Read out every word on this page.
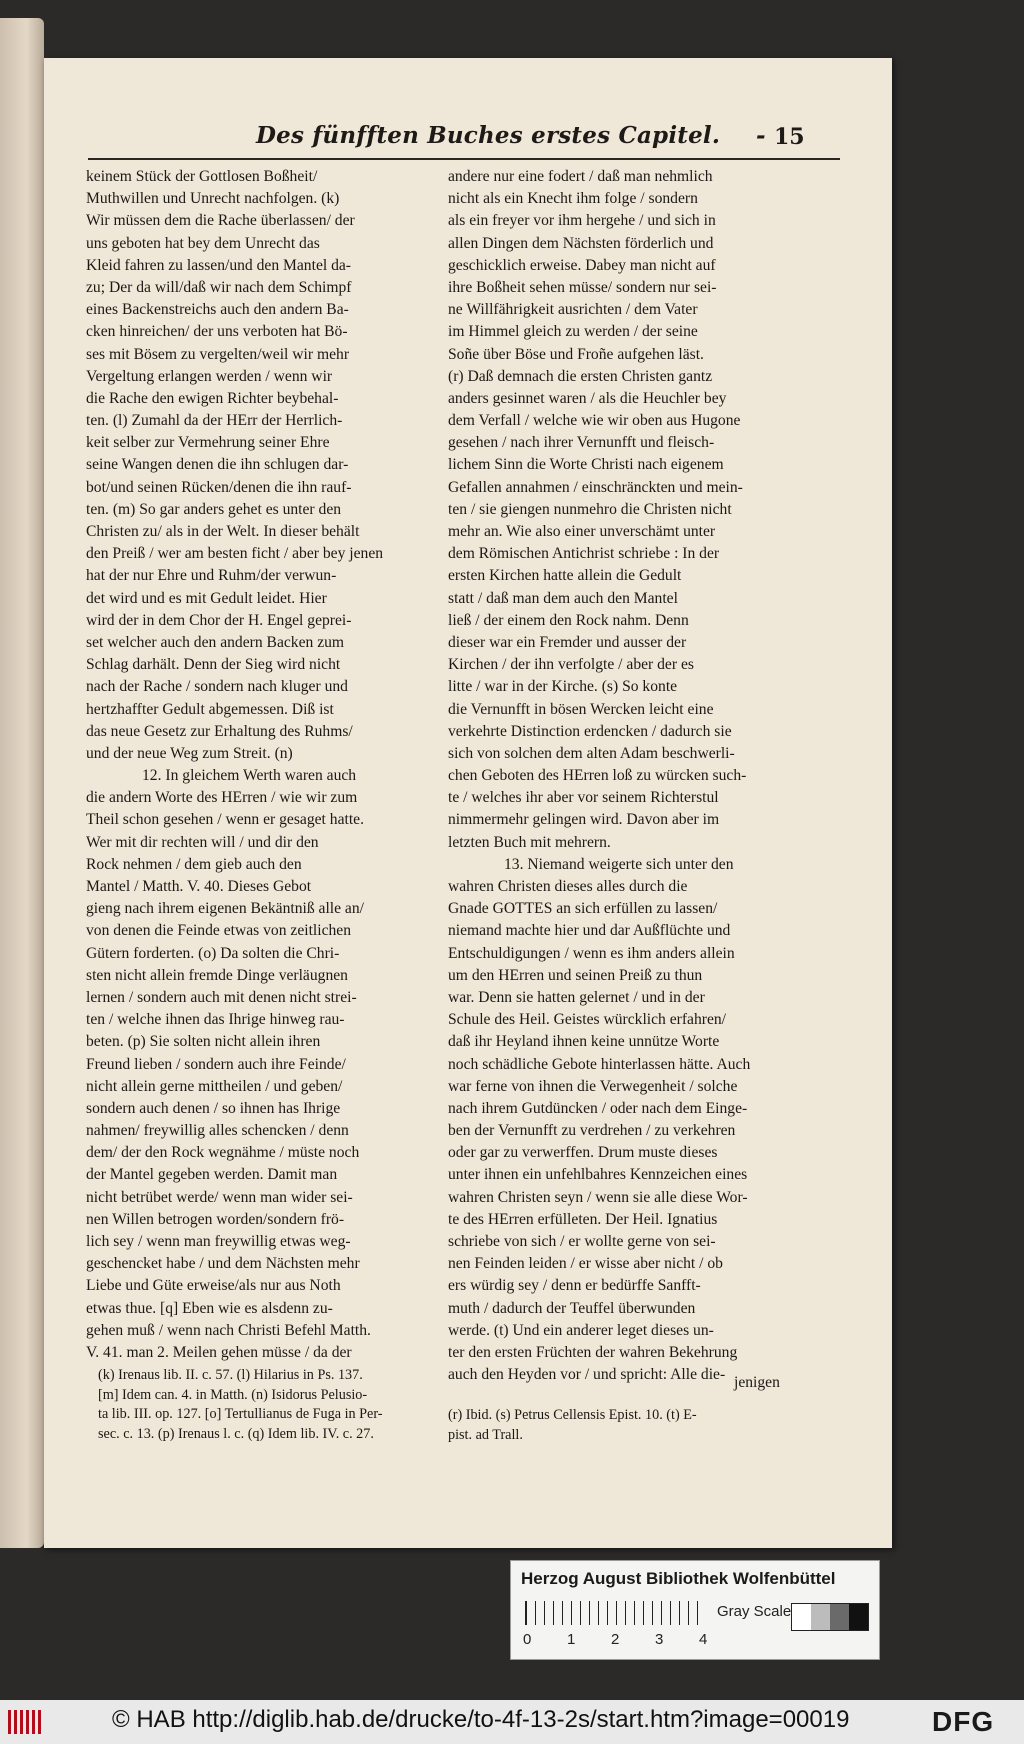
Des fünfften Buches erstes Capitel. - 15
keinem Stück der Gottlosen Boßheit/
Muthwillen und Unrecht nachfolgen. (k)
Wir müssen dem die Rache überlassen/ der
uns geboten hat bey dem Unrecht das
Kleid fahren zu lassen/und den Mantel da-
zu; Der da will/daß wir nach dem Schimpf
eines Backenstreichs auch den andern Ba-
cken hinreichen/ der uns verboten hat Bö-
ses mit Bösem zu vergelten/weil wir mehr
Vergeltung erlangen werden / wenn wir
die Rache den ewigen Richter beybehal-
ten. (l) Zumahl da der HErr der Herrlich-
keit selber zur Vermehrung seiner Ehre
seine Wangen denen die ihn schlugen dar-
bot/und seinen Rücken/denen die ihn rauf-
ten. (m) So gar anders gehet es unter den
Christen zu/ als in der Welt. In dieser behält
den Preiß / wer am besten ficht / aber bey jenen
hat der nur Ehre und Ruhm/der verwun-
det wird und es mit Gedult leidet. Hier
wird der in dem Chor der H. Engel geprei-
set welcher auch den andern Backen zum
Schlag darhält. Denn der Sieg wird nicht
nach der Rache / sondern nach kluger und
hertzhaffter Gedult abgemessen. Diß ist
das neue Gesetz zur Erhaltung des Ruhms/
und der neue Weg zum Streit. (n)
12. In gleichem Werth waren auch
die andern Worte des HErren / wie wir zum
Theil schon gesehen / wenn er gesaget hatte.
Wer mit dir rechten will / und dir den
Rock nehmen / dem gieb auch den
Mantel / Matth. V. 40. Dieses Gebot
gieng nach ihrem eigenen Bekäntniß alle an/
von denen die Feinde etwas von zeitlichen
Gütern forderten. (o) Da solten die Chri-
sten nicht allein fremde Dinge verläugnen
lernen / sondern auch mit denen nicht strei-
ten / welche ihnen das Ihrige hinweg rau-
beten. (p) Sie solten nicht allein ihren
Freund lieben / sondern auch ihre Feinde/
nicht allein gerne mittheilen / und geben/
sondern auch denen / so ihnen has Ihrige
nahmen/ freywillig alles schencken / denn
dem/ der den Rock wegnähme / müste noch
der Mantel gegeben werden. Damit man
nicht betrübet werde/ wenn man wider sei-
nen Willen betrogen worden/sondern frö-
lich sey / wenn man freywillig etwas weg-
geschencket habe / und dem Nächsten mehr
Liebe und Güte erweise/als nur aus Noth
etwas thue. [q] Eben wie es alsdenn zu-
gehen muß / wenn nach Christi Befehl Matth.
V. 41. man 2. Meilen gehen müsse / da der
andere nur eine fodert / daß man nehmlich
nicht als ein Knecht ihm folge / sondern
als ein freyer vor ihm hergehe / und sich in
allen Dingen dem Nächsten förderlich und
geschicklich erweise. Dabey man nicht auf
ihre Boßheit sehen müsse/ sondern nur sei-
ne Willfährigkeit ausrichten / dem Vater
im Himmel gleich zu werden / der seine
Soñe über Böse und Froñe aufgehen läst.
(r) Daß demnach die ersten Christen gantz
anders gesinnet waren / als die Heuchler bey
dem Verfall / welche wie wir oben aus Hugone
gesehen / nach ihrer Vernunfft und fleisch-
lichem Sinn die Worte Christi nach eigenem
Gefallen annahmen / einschränckten und mein-
ten / sie giengen nunmehro die Christen nicht
mehr an. Wie also einer unverschämt unter
dem Römischen Antichrist schriebe : In der
ersten Kirchen hatte allein die Gedult
statt / daß man dem auch den Mantel
ließ / der einem den Rock nahm. Denn
dieser war ein Fremder und ausser der
Kirchen / der ihn verfolgte / aber der es
litte / war in der Kirche. (s) So konte
die Vernunfft in bösen Wercken leicht eine
verkehrte Distinction erdencken / dadurch sie
sich von solchen dem alten Adam beschwerli-
chen Geboten des HErren loß zu würcken such-
te / welches ihr aber vor seinem Richterstul
nimmermehr gelingen wird. Davon aber im
letzten Buch mit mehrern.
13. Niemand weigerte sich unter den
wahren Christen dieses alles durch die
Gnade GOTTES an sich erfüllen zu lassen/
niemand machte hier und dar Außflüchte und
Entschuldigungen / wenn es ihm anders allein
um den HErren und seinen Preiß zu thun
war. Denn sie hatten gelernet / und in der
Schule des Heil. Geistes würcklich erfahren/
daß ihr Heyland ihnen keine unnütze Worte
noch schädliche Gebote hinterlassen hätte. Auch
war ferne von ihnen die Verwegenheit / solche
nach ihrem Gutdüncken / oder nach dem Einge-
ben der Vernunfft zu verdrehen / zu verkehren
oder gar zu verwerffen. Drum muste dieses
unter ihnen ein unfehlbahres Kennzeichen eines
wahren Christen seyn / wenn sie alle diese Wor-
te des HErren erfülleten. Der Heil. Ignatius
schriebe von sich / er wollte gerne von sei-
nen Feinden leiden / er wisse aber nicht / ob
ers würdig sey / denn er bedürffe Sanfft-
muth / dadurch der Teuffel überwunden
werde. (t) Und ein anderer leget dieses un-
ter den ersten Früchten der wahren Bekehrung
auch den Heyden vor / und spricht: Alle die- jenigen
(k) Irenaus lib. II. c. 57. (l) Hilarius in Ps. 137.
[m] Idem can. 4. in Matth. (n) Isidorus Pelusio-
ta lib. III. op. 127. [o] Tertullianus de Fuga in Per-
sec. c. 13. (p) Irenaus l. c. (q) Idem lib. IV. c. 27.
(r) Ibid. (s) Petrus Cellensis Epist. 10. (t) E-
pist. ad Trall.
Herzog August Bibliothek Wolfenbüttel
0 1 2 3 4
Gray Scale
© HAB http://diglib.hab.de/drucke/to-4f-13-2s/start.htm?image=00019	DFG
